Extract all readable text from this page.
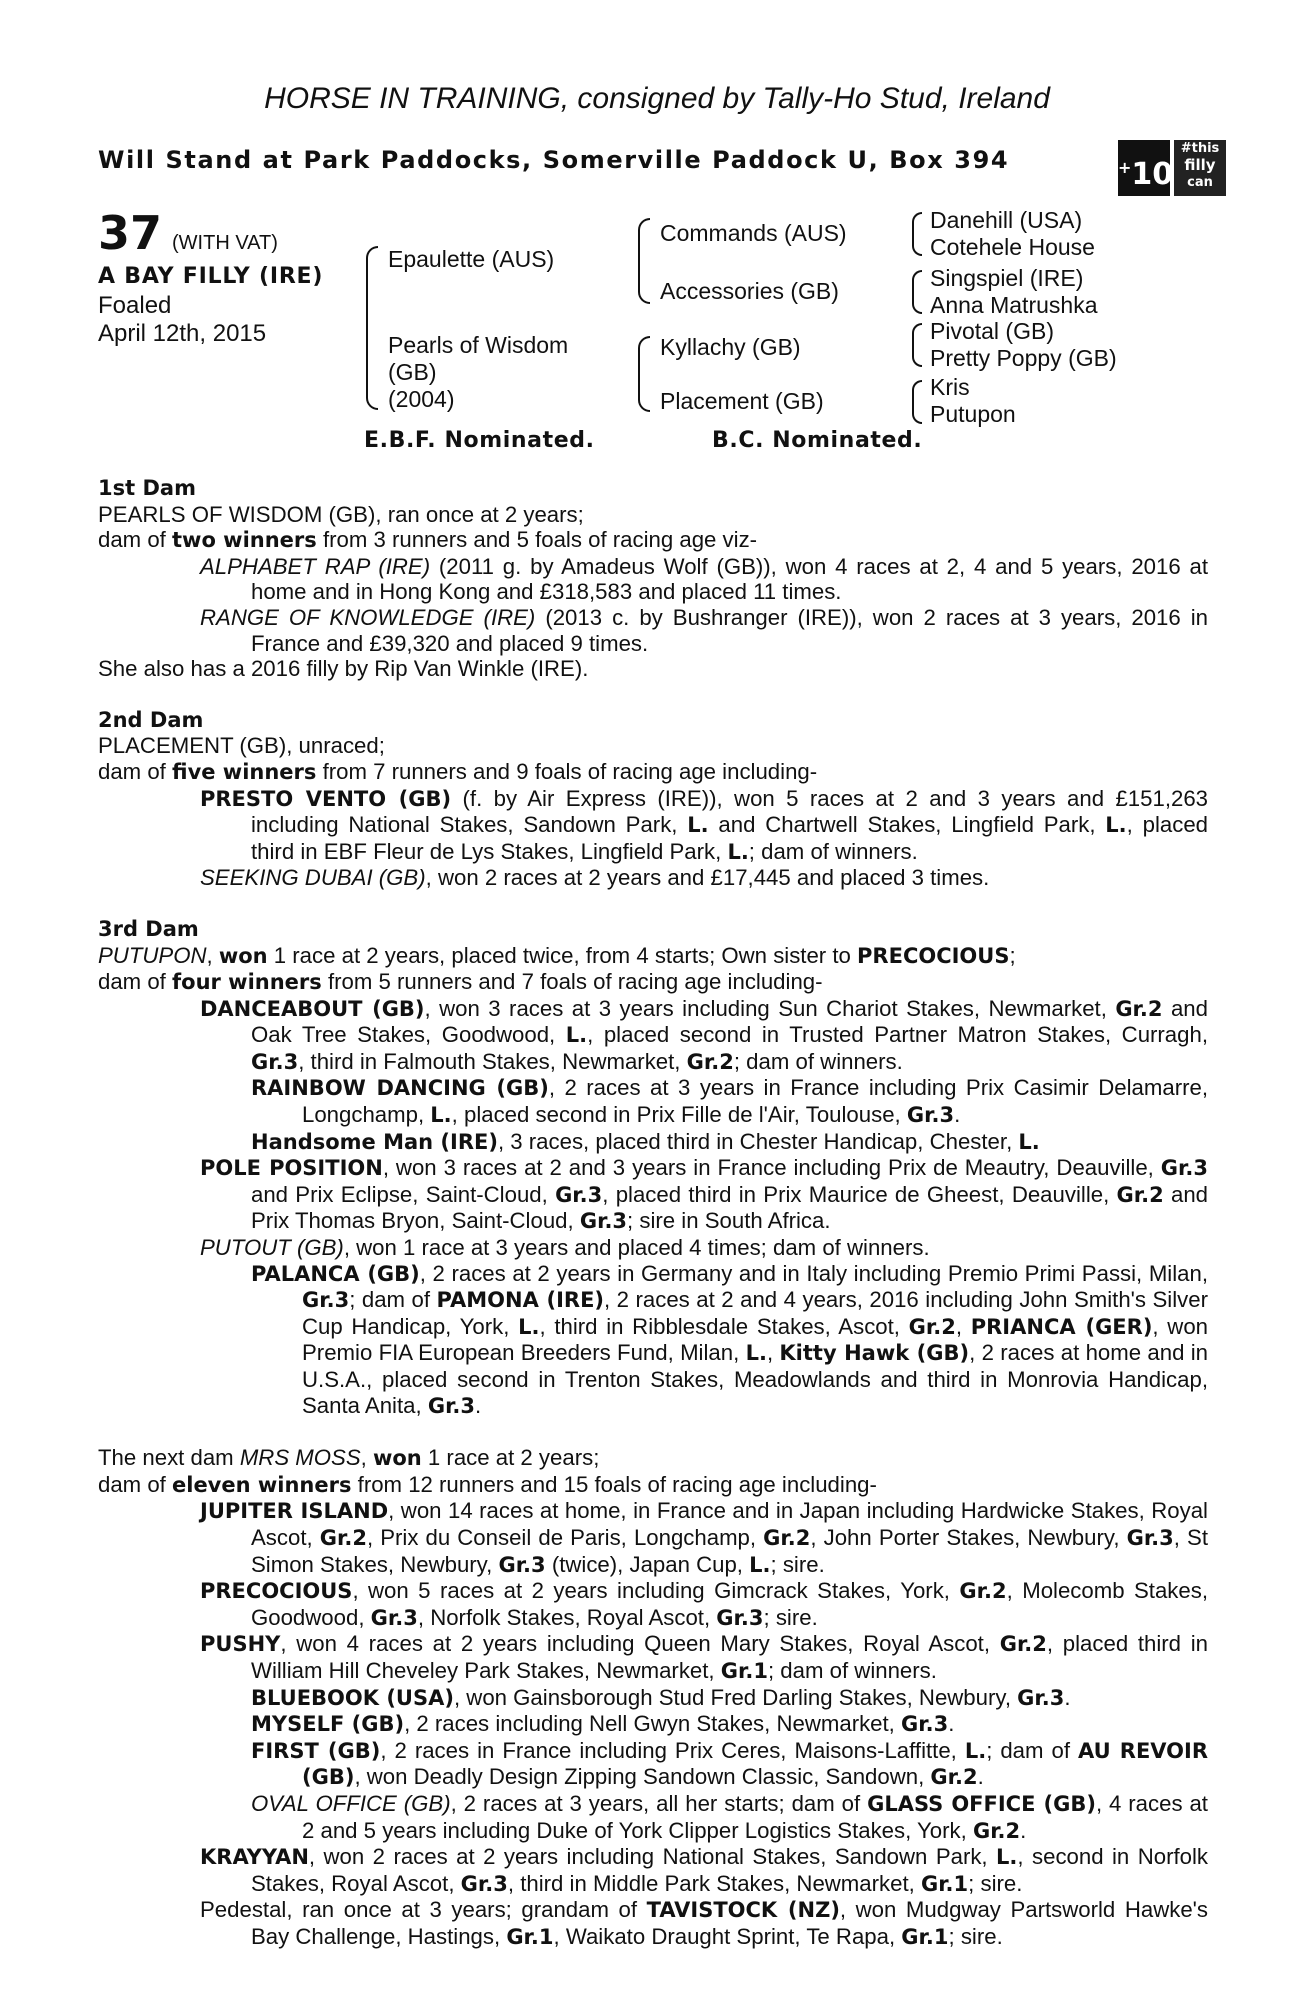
HORSE IN TRAINING, consigned by Tally-Ho Stud, Ireland
Will Stand at Park Paddocks, Somerville Paddock U, Box 394	+10
#this
filly
can
37 (WITH VAT)
A BAY FILLY (IRE)
Foaled
April 12th, 2015
Epaulette (AUS)
Pearls of Wisdom
(GB)
(2004)
Commands (AUS)
Accessories (GB)
Kyllachy (GB)
Placement (GB)
Danehill (USA)
Cotehele House
Singspiel (IRE)
Anna Matrushka
Pivotal (GB)
Pretty Poppy (GB)
Kris
Putupon
E.B.F. Nominated.	B.C. Nominated.

1st Dam

PEARLS OF WISDOM (GB), ran once at 2 years;

dam of two winners from 3 runners and 5 foals of racing age viz-

ALPHABET RAP (IRE) (2011 g. by Amadeus Wolf (GB)), won 4 races at 2, 4 and 5 years, 2016 at home and in Hong Kong and £318,583 and placed 11 times.

RANGE OF KNOWLEDGE (IRE) (2013 c. by Bushranger (IRE)), won 2 races at 3 years, 2016 in France and £39,320 and placed 9 times.

She also has a 2016 filly by Rip Van Winkle (IRE).

2nd Dam

PLACEMENT (GB), unraced;

dam of five winners from 7 runners and 9 foals of racing age including-

PRESTO VENTO (GB) (f. by Air Express (IRE)), won 5 races at 2 and 3 years and £151,263 including National Stakes, Sandown Park, L. and Chartwell Stakes, Lingfield Park, L., placed third in EBF Fleur de Lys Stakes, Lingfield Park, L.; dam of winners.

SEEKING DUBAI (GB), won 2 races at 2 years and £17,445 and placed 3 times.

3rd Dam

PUTUPON, won 1 race at 2 years, placed twice, from 4 starts; Own sister to PRECOCIOUS;

dam of four winners from 5 runners and 7 foals of racing age including-

DANCEABOUT (GB), won 3 races at 3 years including Sun Chariot Stakes, Newmarket, Gr.2 and Oak Tree Stakes, Goodwood, L., placed second in Trusted Partner Matron Stakes, Curragh, Gr.3, third in Falmouth Stakes, Newmarket, Gr.2; dam of winners.

RAINBOW DANCING (GB), 2 races at 3 years in France including Prix Casimir Delamarre, Longchamp, L., placed second in Prix Fille de l'Air, Toulouse, Gr.3.

Handsome Man (IRE), 3 races, placed third in Chester Handicap, Chester, L.

POLE POSITION, won 3 races at 2 and 3 years in France including Prix de Meautry, Deauville, Gr.3 and Prix Eclipse, Saint-Cloud, Gr.3, placed third in Prix Maurice de Gheest, Deauville, Gr.2 and Prix Thomas Bryon, Saint-Cloud, Gr.3; sire in South Africa.

PUTOUT (GB), won 1 race at 3 years and placed 4 times; dam of winners.

PALANCA (GB), 2 races at 2 years in Germany and in Italy including Premio Primi Passi, Milan, Gr.3; dam of PAMONA (IRE), 2 races at 2 and 4 years, 2016 including John Smith's Silver Cup Handicap, York, L., third in Ribblesdale Stakes, Ascot, Gr.2, PRIANCA (GER), won Premio FIA European Breeders Fund, Milan, L., Kitty Hawk (GB), 2 races at home and in U.S.A., placed second in Trenton Stakes, Meadowlands and third in Monrovia Handicap, Santa Anita, Gr.3.

The next dam MRS MOSS, won 1 race at 2 years;

dam of eleven winners from 12 runners and 15 foals of racing age including-

JUPITER ISLAND, won 14 races at home, in France and in Japan including Hardwicke Stakes, Royal Ascot, Gr.2, Prix du Conseil de Paris, Longchamp, Gr.2, John Porter Stakes, Newbury, Gr.3, St Simon Stakes, Newbury, Gr.3 (twice), Japan Cup, L.; sire.

PRECOCIOUS, won 5 races at 2 years including Gimcrack Stakes, York, Gr.2, Molecomb Stakes, Goodwood, Gr.3, Norfolk Stakes, Royal Ascot, Gr.3; sire.

PUSHY, won 4 races at 2 years including Queen Mary Stakes, Royal Ascot, Gr.2, placed third in William Hill Cheveley Park Stakes, Newmarket, Gr.1; dam of winners.

BLUEBOOK (USA), won Gainsborough Stud Fred Darling Stakes, Newbury, Gr.3.

MYSELF (GB), 2 races including Nell Gwyn Stakes, Newmarket, Gr.3.

FIRST (GB), 2 races in France including Prix Ceres, Maisons-Laffitte, L.; dam of AU REVOIR (GB), won Deadly Design Zipping Sandown Classic, Sandown, Gr.2.

OVAL OFFICE (GB), 2 races at 3 years, all her starts; dam of GLASS OFFICE (GB), 4 races at 2 and 5 years including Duke of York Clipper Logistics Stakes, York, Gr.2.

KRAYYAN, won 2 races at 2 years including National Stakes, Sandown Park, L., second in Norfolk Stakes, Royal Ascot, Gr.3, third in Middle Park Stakes, Newmarket, Gr.1; sire.

Pedestal, ran once at 3 years; grandam of TAVISTOCK (NZ), won Mudgway Partsworld Hawke's Bay Challenge, Hastings, Gr.1, Waikato Draught Sprint, Te Rapa, Gr.1; sire.
